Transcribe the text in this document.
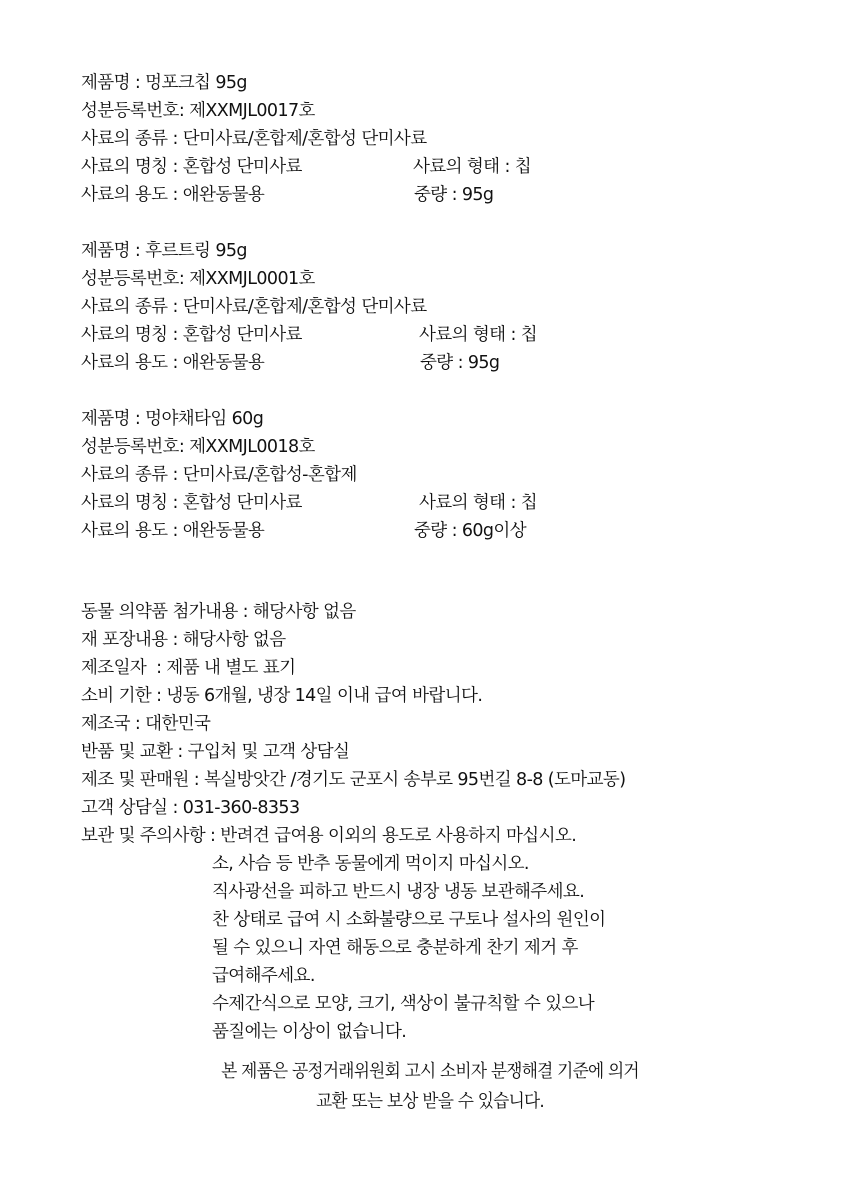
제품명 : 멍포크칩 95g
성분등록번호: 제XXMJL0017호
사료의 종류 : 단미사료/혼합제/혼합성 단미사료
사료의 명칭 : 혼합성 단미사료	사료의 형태 : 칩
사료의 용도 : 애완동물용	중량 : 95g
제품명 : 후르트링 95g
성분등록번호: 제XXMJL0001호
사료의 종류 : 단미사료/혼합제/혼합성 단미사료
사료의 명칭 : 혼합성 단미사료	사료의 형태 : 칩
사료의 용도 : 애완동물용	중량 : 95g
제품명 : 멍야채타임 60g
성분등록번호: 제XXMJL0018호
사료의 종류 : 단미사료/혼합성-혼합제
사료의 명칭 : 혼합성 단미사료	사료의 형태 : 칩
사료의 용도 : 애완동물용	중량 : 60g이상
동물 의약품 첨가내용 : 해당사항 없음
재 포장내용 : 해당사항 없음
제조일자  : 제품 내 별도 표기
소비 기한 : 냉동 6개월, 냉장 14일 이내 급여 바랍니다.
제조국 : 대한민국
반품 및 교환 : 구입처 및 고객 상담실
제조 및 판매원 : 복실방앗간 /경기도 군포시 송부로 95번길 8-8 (도마교동)
고객 상담실 : 031-360-8353
보관 및 주의사항 : 반려견 급여용 이외의 용도로 사용하지 마십시오.
소, 사슴 등 반추 동물에게 먹이지 마십시오.
직사광선을 피하고 반드시 냉장 냉동 보관해주세요.
찬 상태로 급여 시 소화불량으로 구토나 설사의 원인이
될 수 있으니 자연 해동으로 충분하게 찬기 제거 후
급여해주세요.
수제간식으로 모양, 크기, 색상이 불규칙할 수 있으나
품질에는 이상이 없습니다.
본 제품은 공정거래위원회 고시 소비자 분쟁해결 기준에 의거
교환 또는 보상 받을 수 있습니다.
